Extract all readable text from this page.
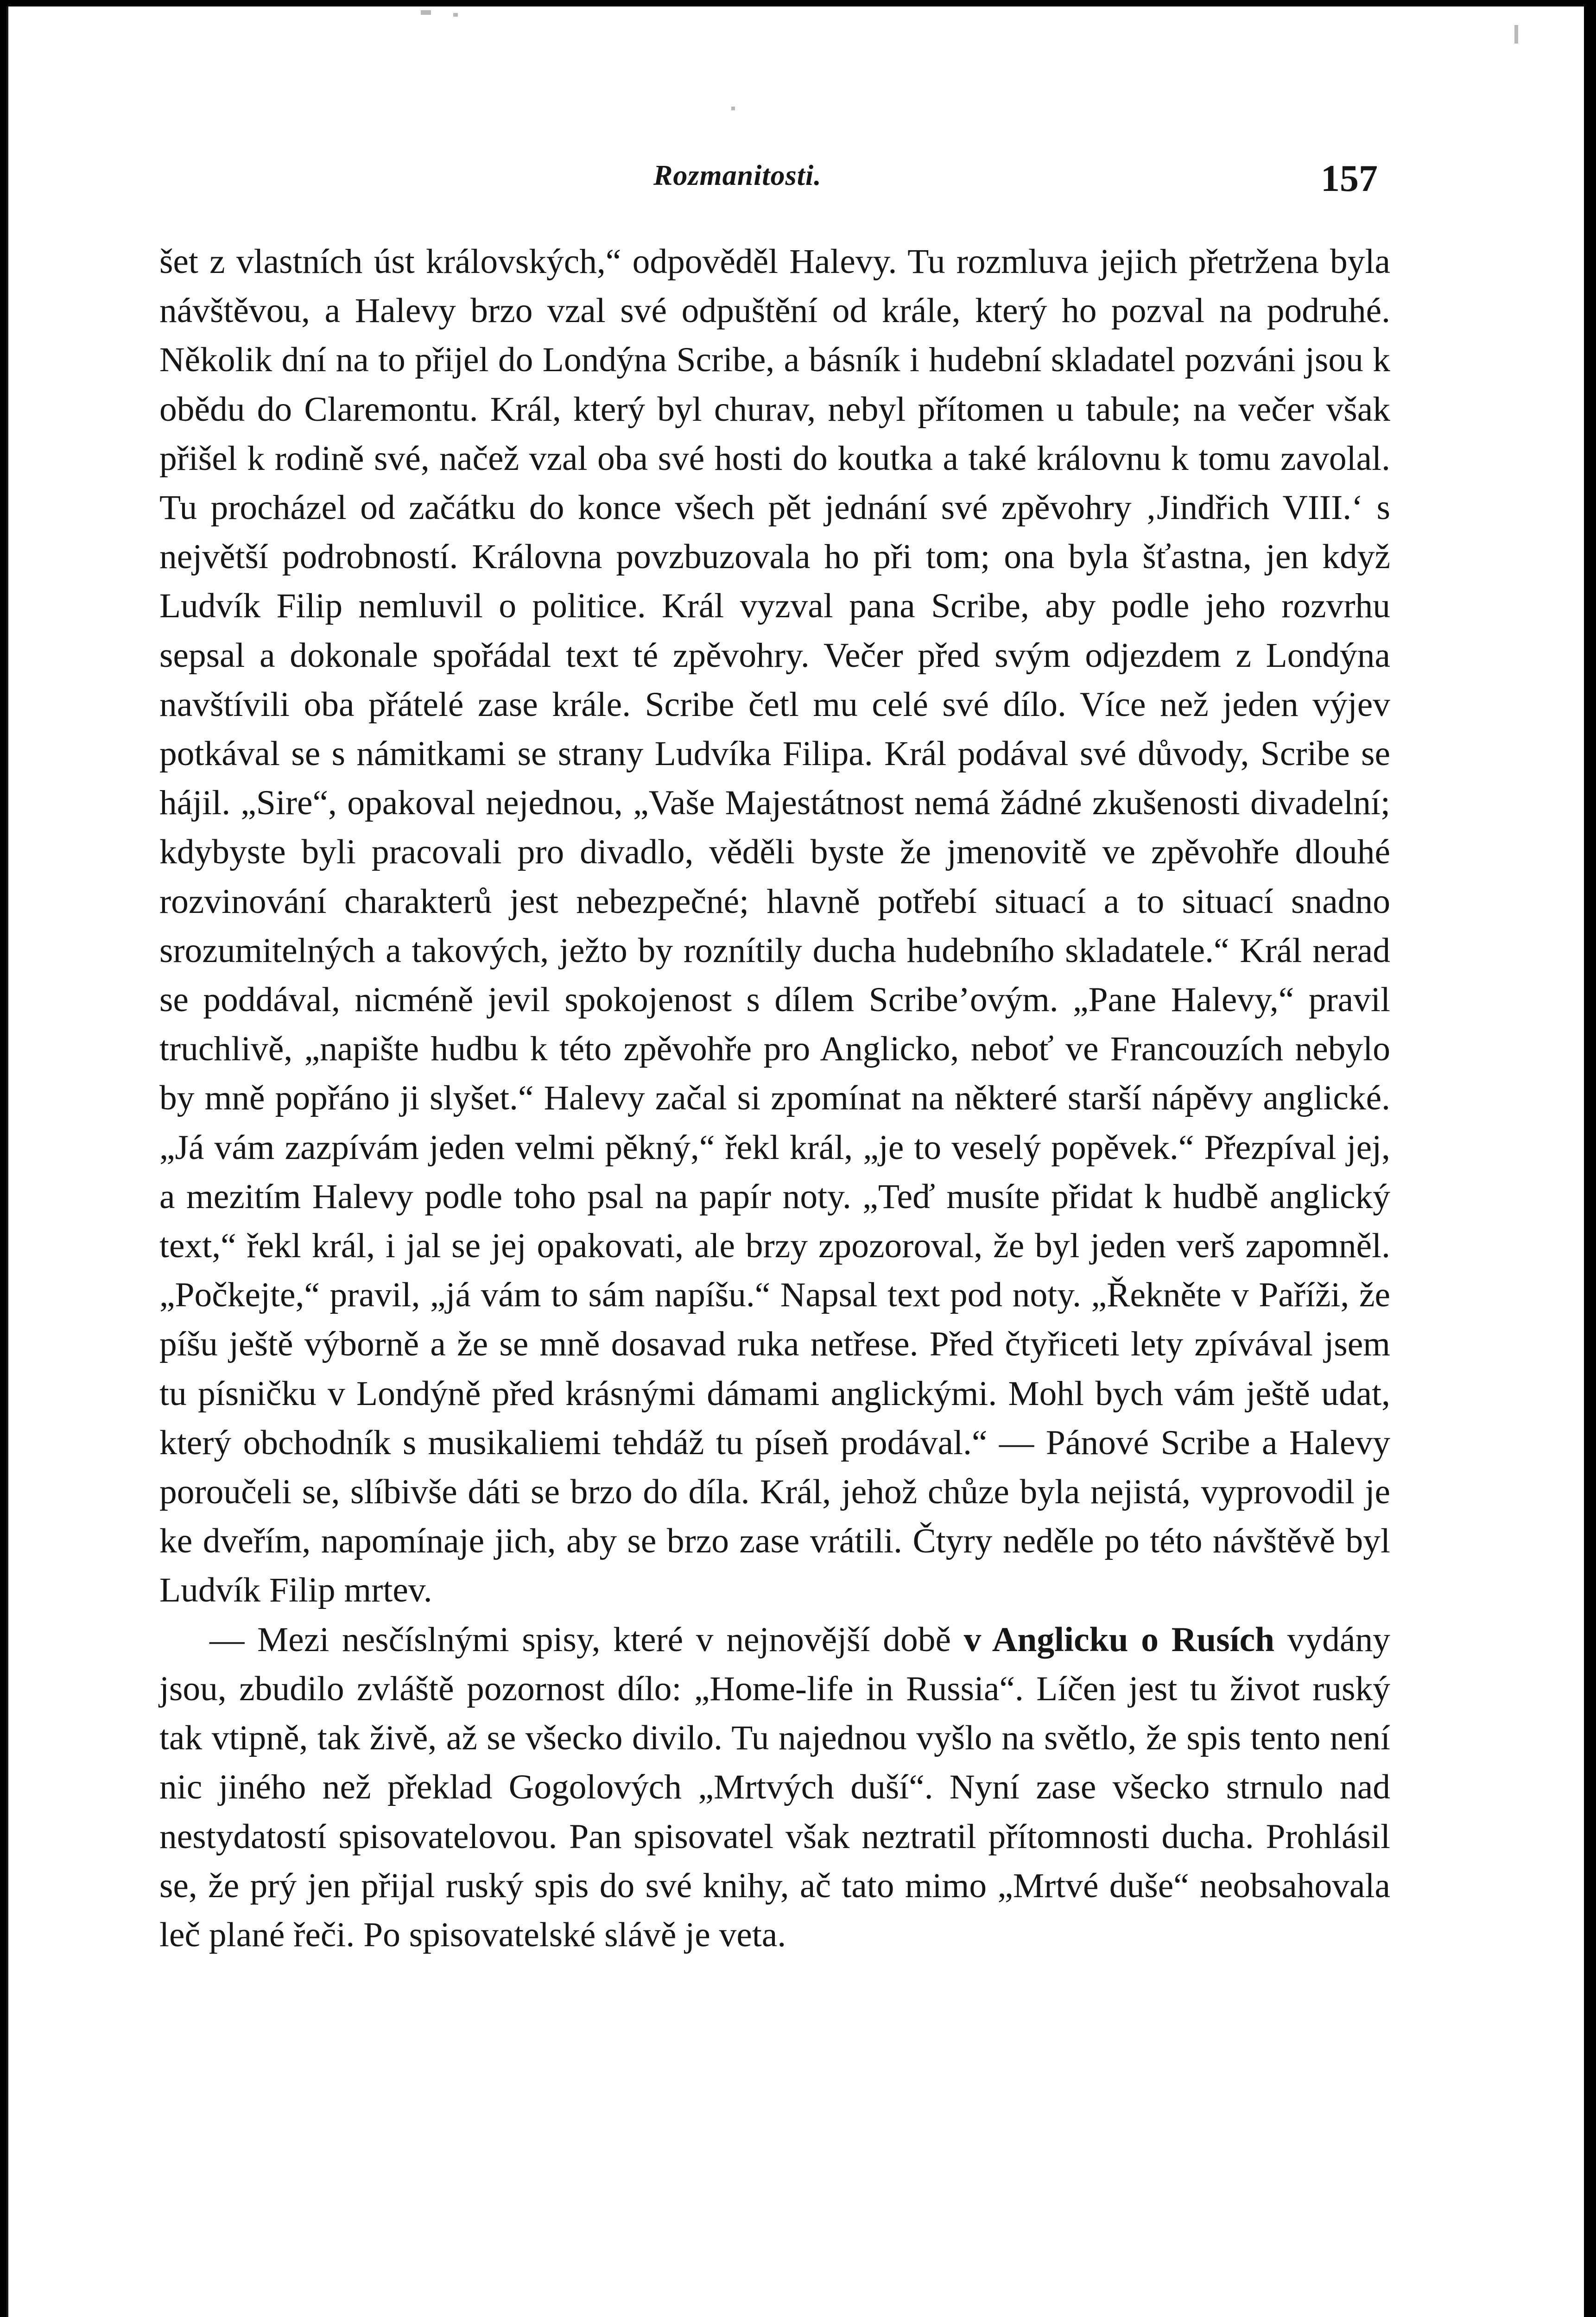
Rozmanitosti.	157

šet z vlastních úst královských,“ odpověděl Halevy. Tu rozmluva jejich přetržena byla návštěvou, a Halevy brzo vzal své odpuštění od krále, který ho pozval na podruhé. Několik dní na to přijel do Londýna Scribe, a básník i hudební skladatel pozváni jsou k obědu do Claremontu. Král, který byl churav, nebyl přítomen u tabule; na večer však přišel k rodině své, načež vzal oba své hosti do koutka a také královnu k tomu zavolal. Tu procházel od začátku do konce všech pět jednání své zpěvohry ‚Jindřich VIII.‘ s největší podrobností. Královna povzbuzovala ho při tom; ona byla šťastna, jen když Ludvík Filip nemluvil o politice. Král vyzval pana Scribe, aby podle jeho rozvrhu sepsal a dokonale spořádal text té zpěvohry. Večer před svým odjezdem z Londýna navštívili oba přátelé zase krále. Scribe četl mu celé své dílo. Více než jeden výjev potkával se s námitkami se strany Ludvíka Filipa. Král podával své důvody, Scribe se hájil. „Sire“, opakoval nejednou, „Vaše Majestátnost nemá žádné zkušenosti divadelní; kdybyste byli pracovali pro divadlo, věděli byste že jmenovitě ve zpěvohře dlouhé rozvinování charakterů jest nebezpečné; hlavně potřebí situací a to situací snadno srozumitelných a takových, ježto by roznítily ducha hudebního skladatele.“ Král nerad se poddával, nicméně jevil spokojenost s dílem Scribe’ovým. „Pane Halevy,“ pravil truchlivě, „napište hudbu k této zpěvohře pro Anglicko, neboť ve Francouzích nebylo by mně popřáno ji slyšet.“ Halevy začal si zpomínat na některé starší nápěvy anglické. „Já vám zazpívám jeden velmi pěkný,“ řekl král, „je to veselý popěvek.“ Přezpíval jej, a mezitím Halevy podle toho psal na papír noty. „Teď musíte přidat k hudbě anglický text,“ řekl král, i jal se jej opakovati, ale brzy zpozoroval, že byl jeden verš zapomněl. „Počkejte,“ pravil, „já vám to sám napíšu.“ Napsal text pod noty. „Řekněte v Paříži, že píšu ještě výborně a že se mně dosavad ruka netřese. Před čtyřiceti lety zpívával jsem tu písničku v Londýně před krásnými dámami anglickými. Mohl bych vám ještě udat, který obchodník s musikaliemi tehdáž tu píseň prodával.“ — Pánové Scribe a Halevy poroučeli se, slíbivše dáti se brzo do díla. Král, jehož chůze byla nejistá, vyprovodil je ke dveřím, napomínaje jich, aby se brzo zase vrátili. Čtyry neděle po této návštěvě byl Ludvík Filip mrtev.

— Mezi nesčíslnými spisy, které v nejnovější době v Anglicku o Rusích vydány jsou, zbudilo zvláště pozornost dílo: „Home-life in Russia“. Líčen jest tu život ruský tak vtipně, tak živě, až se všecko divilo. Tu najednou vyšlo na světlo, že spis tento není nic jiného než překlad Gogolových „Mrtvých duší“. Nyní zase všecko strnulo nad nestydatostí spisovatelovou. Pan spisovatel však neztratil přítomnosti ducha. Prohlásil se, že prý jen přijal ruský spis do své knihy, ač tato mimo „Mrtvé duše“ neobsahovala leč plané řeči. Po spisovatelské slávě je veta.
